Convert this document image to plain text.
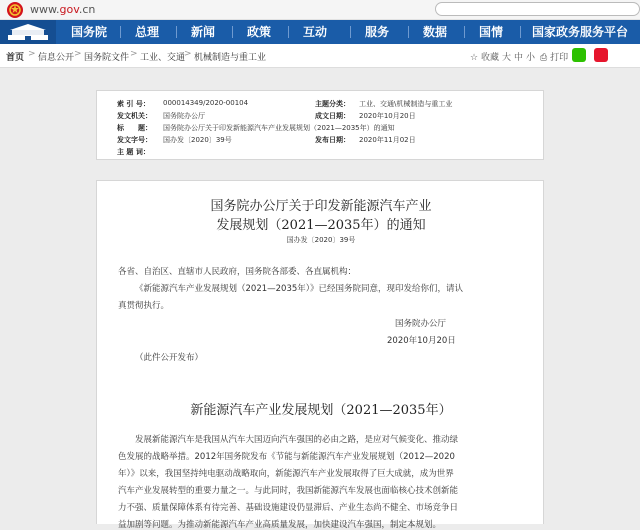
www.gov.cn
国务院	总理	新闻	政策	互动	服务	数据	国情	国家政务服务平台
首页 > 信息公开 > 国务院文件 > 工业、交通
> 机械制造与重工业	☆ 收藏 大 中 小 ⎙ 打印
索 引 号： 000014349/2020-00104	主题分类： 工业、交通\机械制造与重工业
发文机关： 国务院办公厅	成文日期： 2020年10月20日
标　　题： 国务院办公厅关于印发新能源汽车产业发展规划（2021—2035年）的通知
发文字号： 国办发〔2020〕39号	发布日期： 2020年11月02日
主 题 词：
国务院办公厅关于印发新能源汽车产业
发展规划（2021—2035年）的通知
国办发〔2020〕39号
各省、自治区、直辖市人民政府，国务院各部委、各直属机构：
《新能源汽车产业发展规划（2021—2035年）》已经国务院同意，现印发给你们，请认
真贯彻执行。
国务院办公厅
2020年10月20日
（此件公开发布）
新能源汽车产业发展规划（2021—2035年）
发展新能源汽车是我国从汽车大国迈向汽车强国的必由之路，是应对气候变化、推动绿
色发展的战略举措。2012年国务院发布《节能与新能源汽车产业发展规划（2012—2020
年）》以来，我国坚持纯电驱动战略取向，新能源汽车产业发展取得了巨大成就，成为世界
汽车产业发展转型的重要力量之一。与此同时，我国新能源汽车发展也面临核心技术创新能
力不强、质量保障体系有待完善、基础设施建设仍显滞后、产业生态尚不健全、市场竞争日
益加剧等问题。为推动新能源汽车产业高质量发展，加快建设汽车强国，制定本规划。
